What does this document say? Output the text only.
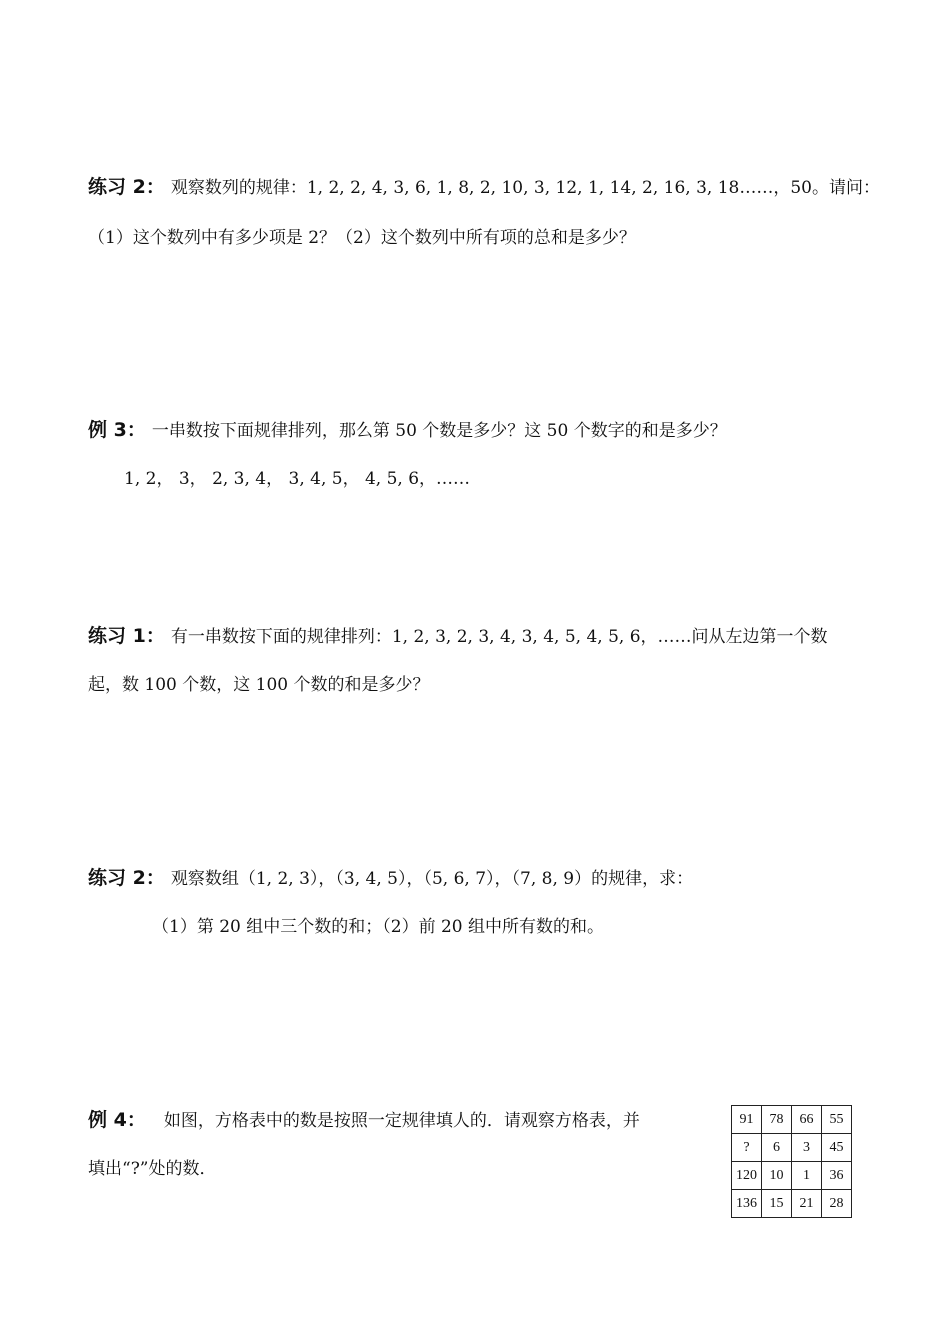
练习 2： 观察数列的规律：1, 2, 2, 4, 3, 6, 1, 8, 2, 10, 3, 12, 1, 14, 2, 16, 3, 18……，50。请问：
（1）这个数列中有多少项是 2？（2）这个数列中所有项的总和是多少？
例 3： 一串数按下面规律排列，那么第 50 个数是多少？这 50 个数字的和是多少？
1, 2， 3， 2, 3, 4， 3, 4, 5， 4, 5, 6，……
练习 1： 有一串数按下面的规律排列：1, 2, 3, 2, 3, 4, 3, 4, 5, 4, 5, 6，……问从左边第一个数
起，数 100 个数，这 100 个数的和是多少？
练习 2： 观察数组（1, 2, 3），（3, 4, 5），（5, 6, 7），（7, 8, 9）的规律，求：
（1）第 20 组中三个数的和；（2）前 20 组中所有数的和。
例 4： 如图，方格表中的数是按照一定规律填人的．请观察方格表，并
填出“?”处的数．
91	78	66	55
?	6	3	45
120	10	1	36
136	15	21	28
